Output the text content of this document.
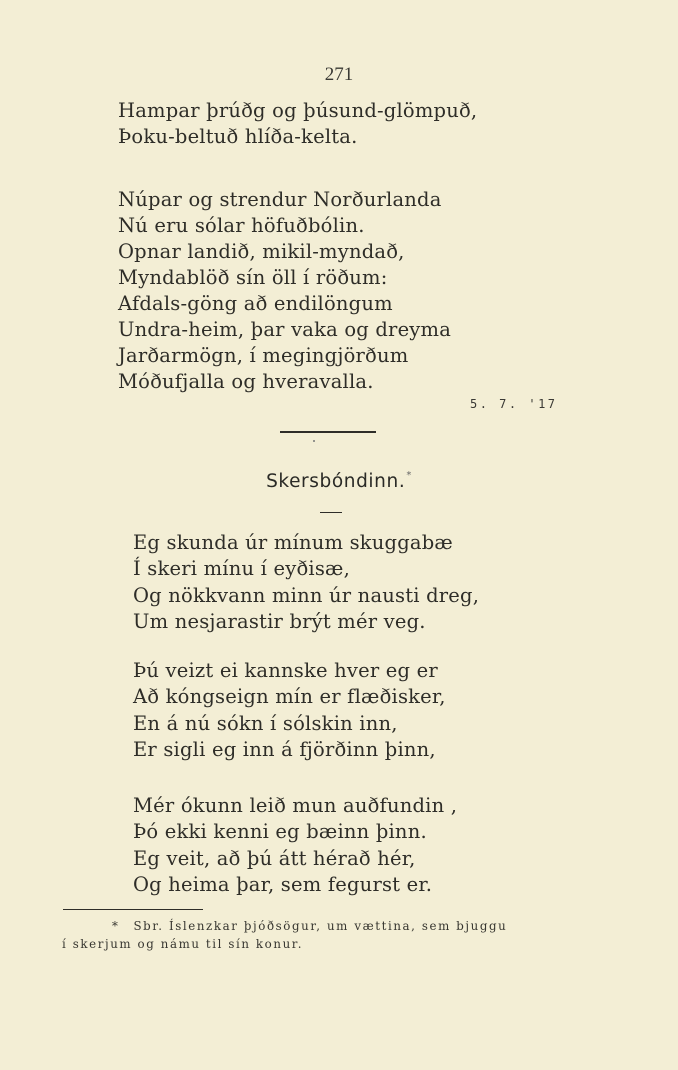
271
Hampar þrúðg og þúsund-glömpuð,
Þoku-beltuð hlíða-kelta.
Núpar og strendur Norðurlanda
Nú eru sólar höfuðbólin.
Opnar landið, mikil-myndað,
Myndablöð sín öll í röðum:
Afdals-göng að endilöngum
Undra-heim, þar vaka og dreyma
Jarðarmögn, í megingjörðum
Móðufjalla og hveravalla.
5. 7. '17
Skersbóndinn.*
Eg skunda úr mínum skuggabæ
Í skeri mínu í eyðisæ,
Og nökkvann minn úr nausti dreg,
Um nesjarastir brýt mér veg.
Þú veizt ei kannske hver eg er
Að kóngseign mín er flæðisker,
En á nú sókn í sólskin inn,
Er sigli eg inn á fjörðinn þinn,
Mér ókunn leið mun auðfundin ,
Þó ekki kenni eg bæinn þinn.
Eg veit, að þú átt hérað hér,
Og heima þar, sem fegurst er.
* Sbr. Íslenzkar þjóðsögur, um vættina, sem bjuggu
í skerjum og námu til sín konur.
